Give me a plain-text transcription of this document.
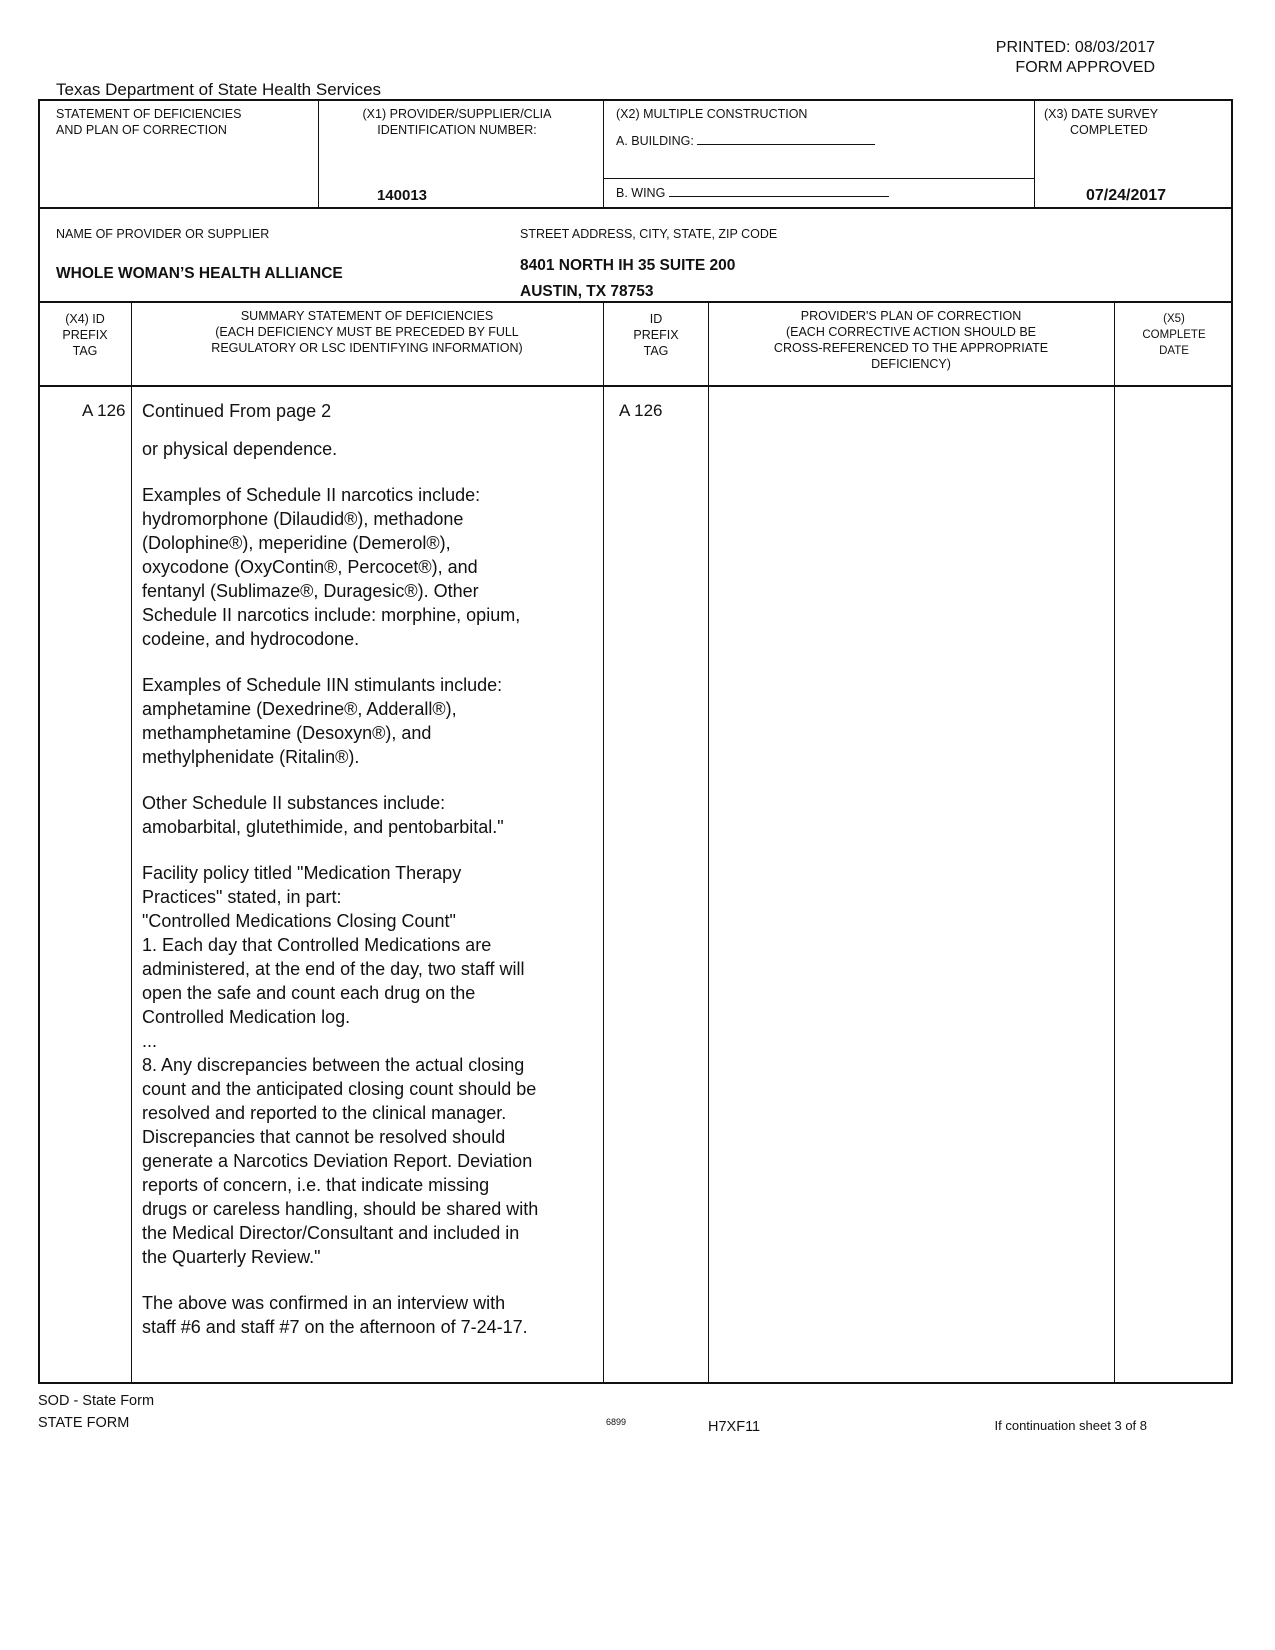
PRINTED: 08/03/2017
FORM APPROVED
Texas Department of State Health Services
STATEMENT OF DEFICIENCIES
AND PLAN OF CORRECTION
(X1) PROVIDER/SUPPLIER/CLIA
IDENTIFICATION NUMBER:
140013
(X2) MULTIPLE CONSTRUCTION
A. BUILDING:
B. WING
(X3) DATE SURVEY
COMPLETED
07/24/2017
NAME OF PROVIDER OR SUPPLIER
WHOLE WOMAN’S HEALTH ALLIANCE
STREET ADDRESS, CITY, STATE, ZIP CODE
8401 NORTH IH 35 SUITE 200
AUSTIN, TX 78753
(X4) ID
PREFIX
TAG
SUMMARY STATEMENT OF DEFICIENCIES
(EACH DEFICIENCY MUST BE PRECEDED BY FULL
REGULATORY OR LSC IDENTIFYING INFORMATION)
ID
PREFIX
TAG
PROVIDER'S PLAN OF CORRECTION
(EACH CORRECTIVE ACTION SHOULD BE
CROSS-REFERENCED TO THE APPROPRIATE
DEFICIENCY)
(X5)
COMPLETE
DATE
A 126	A 126
Continued From page 2

or physical dependence.

Examples of Schedule II narcotics include:
hydromorphone (Dilaudid®), methadone
(Dolophine®), meperidine (Demerol®),
oxycodone (OxyContin®, Percocet®), and
fentanyl (Sublimaze®, Duragesic®). Other
Schedule II narcotics include: morphine, opium,
codeine, and hydrocodone.

Examples of Schedule IIN stimulants include:
amphetamine (Dexedrine®, Adderall®),
methamphetamine (Desoxyn®), and
methylphenidate (Ritalin®).

Other Schedule II substances include:
amobarbital, glutethimide, and pentobarbital."

Facility policy titled "Medication Therapy
Practices" stated, in part:
"Controlled Medications Closing Count"
1. Each day that Controlled Medications are
administered, at the end of the day, two staff will
open the safe and count each drug on the
Controlled Medication log.
...
8. Any discrepancies between the actual closing
count and the anticipated closing count should be
resolved and reported to the clinical manager.
Discrepancies that cannot be resolved should
generate a Narcotics Deviation Report. Deviation
reports of concern, i.e. that indicate missing
drugs or careless handling, should be shared with
the Medical Director/Consultant and included in
the Quarterly Review."

The above was confirmed in an interview with
staff #6 and staff #7 on the afternoon of 7-24-17.

SOD - State Form
STATE FORM	6899	H7XF11	If continuation sheet 3 of 8
